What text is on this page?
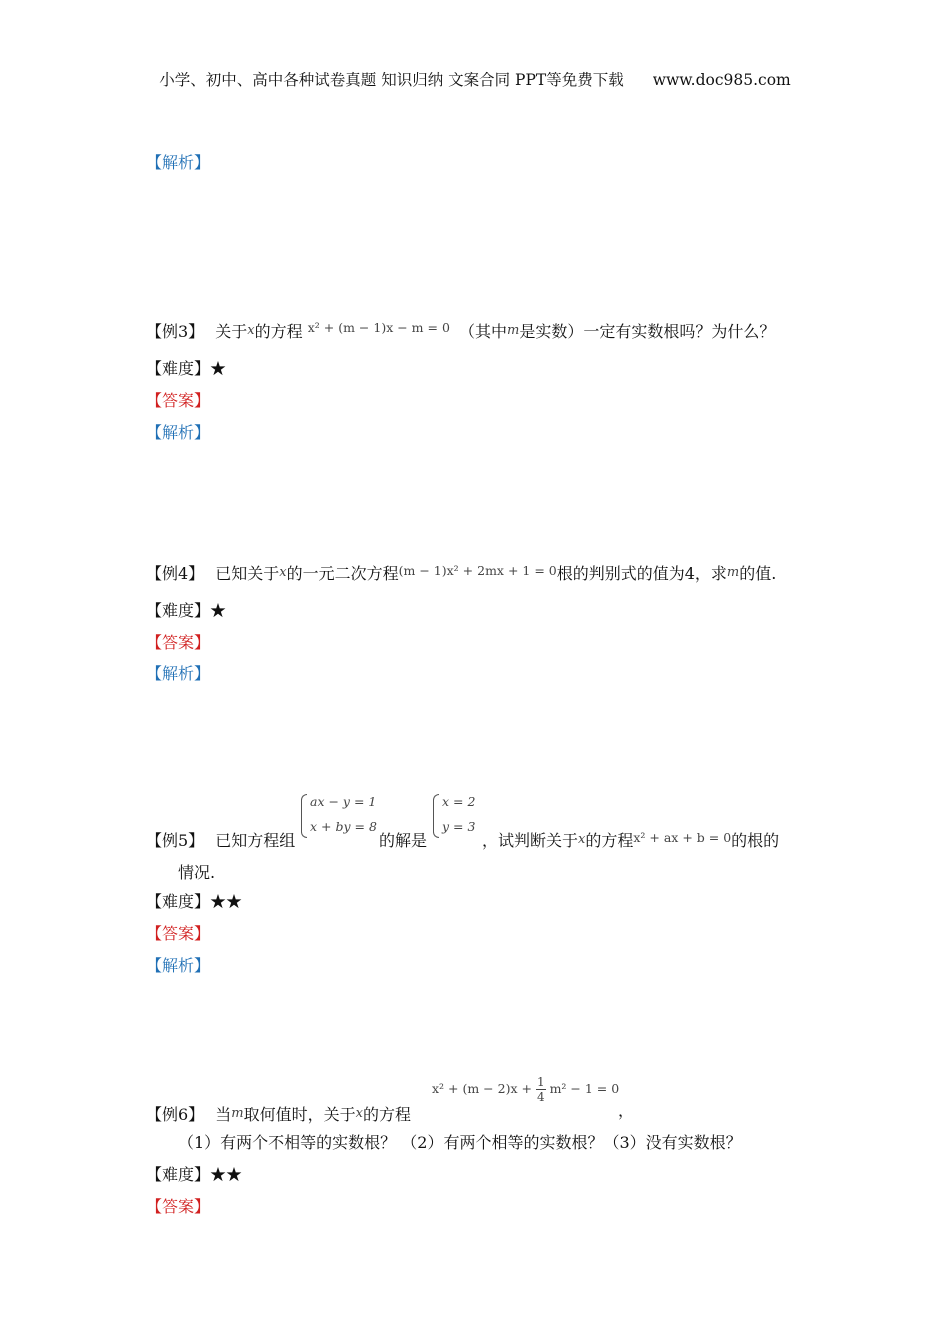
小学、初中、高中各种试卷真题 知识归纳 文案合同 PPT等免费下载 www.doc985.com
【解析】
【例3】 关于x的方程 $^{x^2 + (m - 1)x - m = 0}$ （其中m是实数）一定有实数根吗？为什么？
【难度】★
【答案】
【解析】
【例4】 已知关于x的一元二次方程$^{(m - 1)x^2 + 2mx + 1 = 0}$根的判别式的值为4，求m的值.
【难度】★
【答案】
【解析】
ax − y = 1
x + by = 8
x = 2
y = 3
【例5】 已知方程组	的解是	，试判断关于x的方程$^{x^2 + ax + b = 0}$的根的
情况.
【难度】★★
【答案】
【解析】
$x^2 + (m - 2)x + \frac{1}{4} m^2 - 1 = 0$
【例6】 当m取何值时，关于x的方程	，
（1）有两个不相等的实数根？ （2）有两个相等的实数根？（3）没有实数根？
【难度】★★
【答案】
